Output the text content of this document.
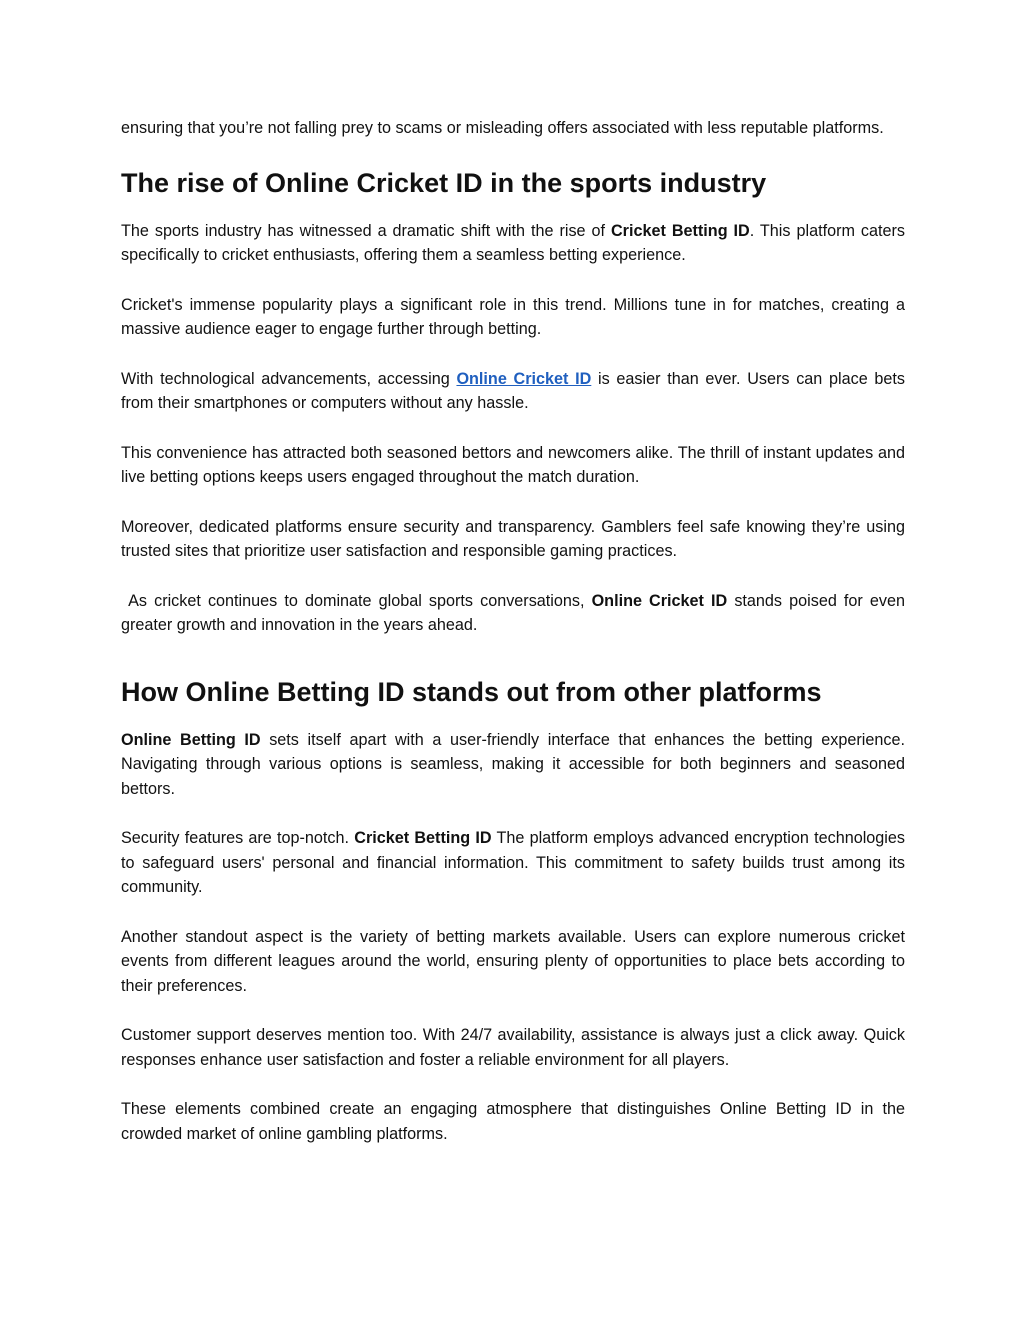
ensuring that you’re not falling prey to scams or misleading offers associated with less reputable platforms.

The rise of Online Cricket ID in the sports industry

The sports industry has witnessed a dramatic shift with the rise of Cricket Betting ID. This platform caters specifically to cricket enthusiasts, offering them a seamless betting experience.

Cricket's immense popularity plays a significant role in this trend. Millions tune in for matches, creating a massive audience eager to engage further through betting.

With technological advancements, accessing Online Cricket ID is easier than ever. Users can place bets from their smartphones or computers without any hassle.

This convenience has attracted both seasoned bettors and newcomers alike. The thrill of instant updates and live betting options keeps users engaged throughout the match duration.

Moreover, dedicated platforms ensure security and transparency. Gamblers feel safe knowing they’re using trusted sites that prioritize user satisfaction and responsible gaming practices.

As cricket continues to dominate global sports conversations, Online Cricket ID stands poised for even greater growth and innovation in the years ahead.

How Online Betting ID stands out from other platforms

Online Betting ID sets itself apart with a user-friendly interface that enhances the betting experience. Navigating through various options is seamless, making it accessible for both beginners and seasoned bettors.

Security features are top-notch. Cricket Betting ID The platform employs advanced encryption technologies to safeguard users' personal and financial information. This commitment to safety builds trust among its community.

Another standout aspect is the variety of betting markets available. Users can explore numerous cricket events from different leagues around the world, ensuring plenty of opportunities to place bets according to their preferences.

Customer support deserves mention too. With 24/7 availability, assistance is always just a click away. Quick responses enhance user satisfaction and foster a reliable environment for all players.

These elements combined create an engaging atmosphere that distinguishes Online Betting ID in the crowded market of online gambling platforms.
